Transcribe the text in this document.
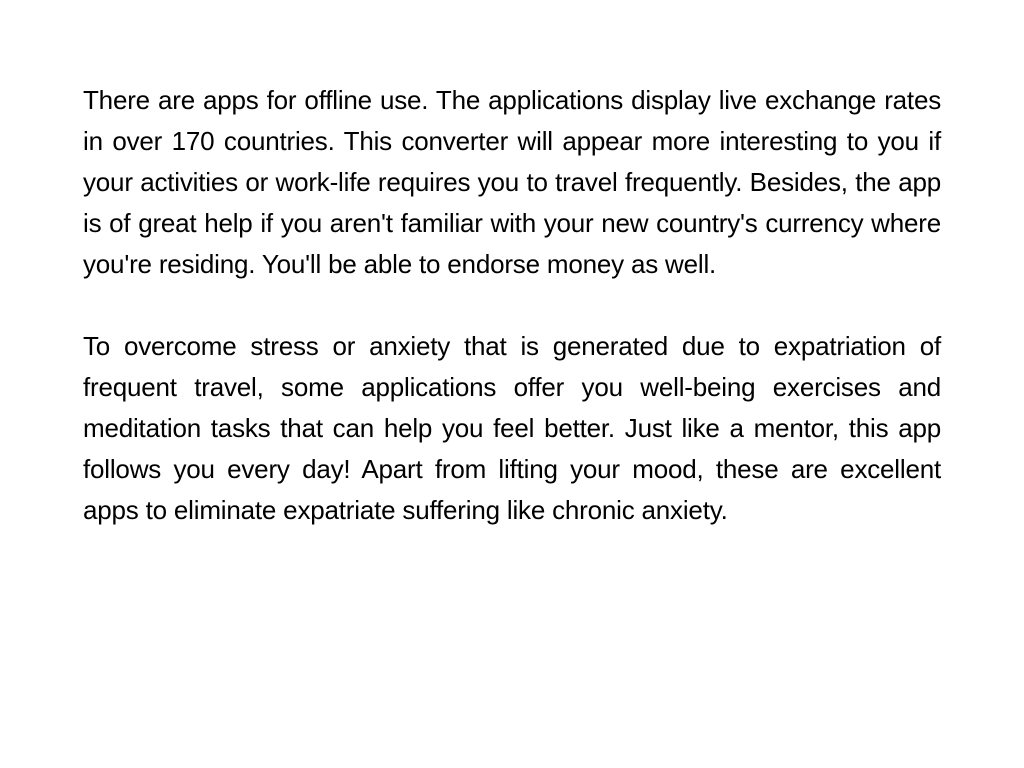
There are apps for offline use. The applications display live exchange rates in over 170 countries. This converter will appear more interesting to you if your activities or work-life requires you to travel frequently. Besides, the app is of great help if you aren't familiar with your new country's currency where you're residing. You'll be able to endorse money as well.

To overcome stress or anxiety that is generated due to expatriation of frequent travel, some applications offer you well-being exercises and meditation tasks that can help you feel better. Just like a mentor, this app follows you every day! Apart from lifting your mood, these are excellent apps to eliminate expatriate suffering like chronic anxiety.
